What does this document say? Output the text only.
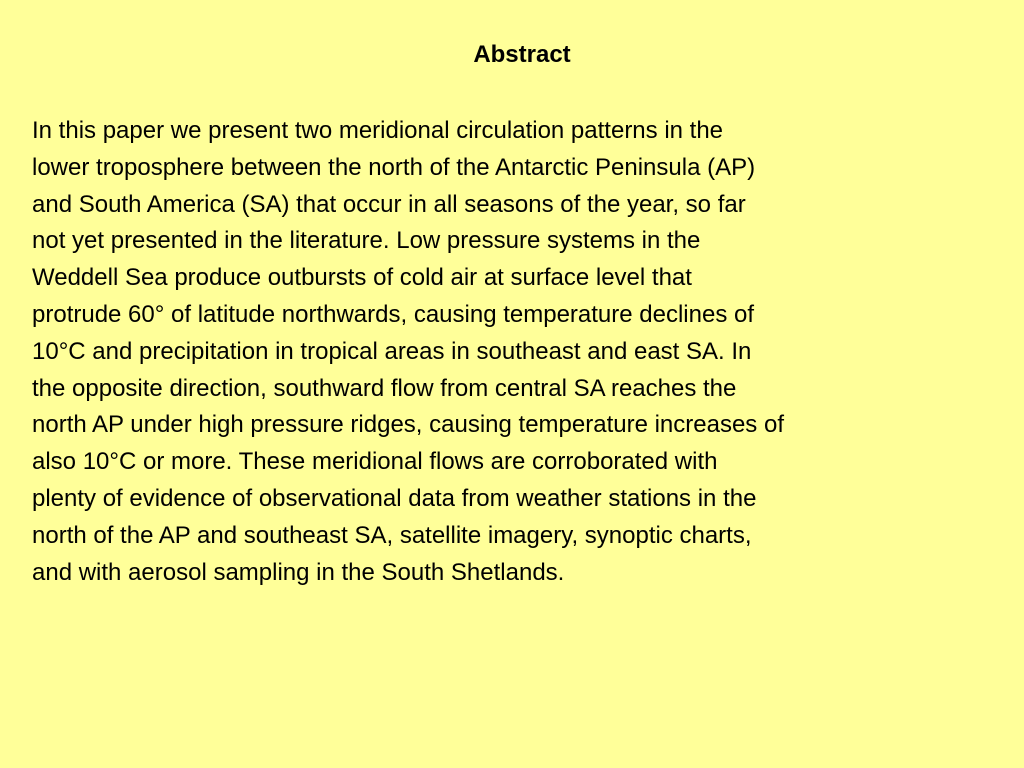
Abstract
In this paper we present two meridional circulation patterns in the
lower troposphere between the north of the Antarctic Peninsula (AP)
and South America (SA) that occur in all seasons of the year, so far
not yet presented in the literature. Low pressure systems in the
Weddell Sea produce outbursts of cold air at surface level that
protrude 60° of latitude northwards, causing temperature declines of
10°C and precipitation in tropical areas in southeast and east SA. In
the opposite direction, southward flow from central SA reaches the
north AP under high pressure ridges, causing temperature increases of
also 10°C or more. These meridional flows are corroborated with
plenty of evidence of observational data from weather stations in the
north of the AP and southeast SA, satellite imagery, synoptic charts,
and with aerosol sampling in the South Shetlands.
